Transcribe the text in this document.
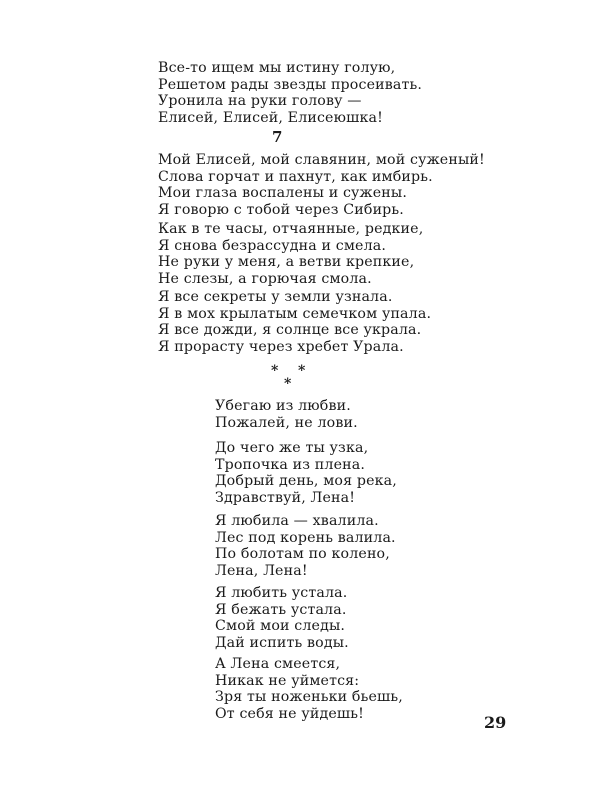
Все-то ищем мы истину голую,
Решетом рады звезды просеивать.
Уронила на руки голову —
Елисей, Елисей, Елисеюшка!
7
Мой Елисей, мой славянин, мой суженый!
Слова горчат и пахнут, как имбирь.
Мои глаза воспалены и сужены.
Я говорю с тобой через Сибирь.
Как в те часы, отчаянные, редкие,
Я снова безрассудна и смела.
Не руки у меня, а ветви крепкие,
Не слезы, а горючая смола.
Я все секреты у земли узнала.
Я в мох крылатым семечком упала.
Я все дожди, я солнце все украла.
Я прорасту через хребет Урала.
* *
*
Убегаю из любви.
Пожалей, не лови.
До чего же ты узка,
Тропочка из плена.
Добрый день, моя река,
Здравствуй, Лена!
Я любила — хвалила.
Лес под корень валила.
По болотам по колено,
Лена, Лена!
Я любить устала.
Я бежать устала.
Смой мои следы.
Дай испить воды.
А Лена смеется,
Никак не уймется:
Зря ты ноженьки бьешь,
От себя не уйдешь!	29
